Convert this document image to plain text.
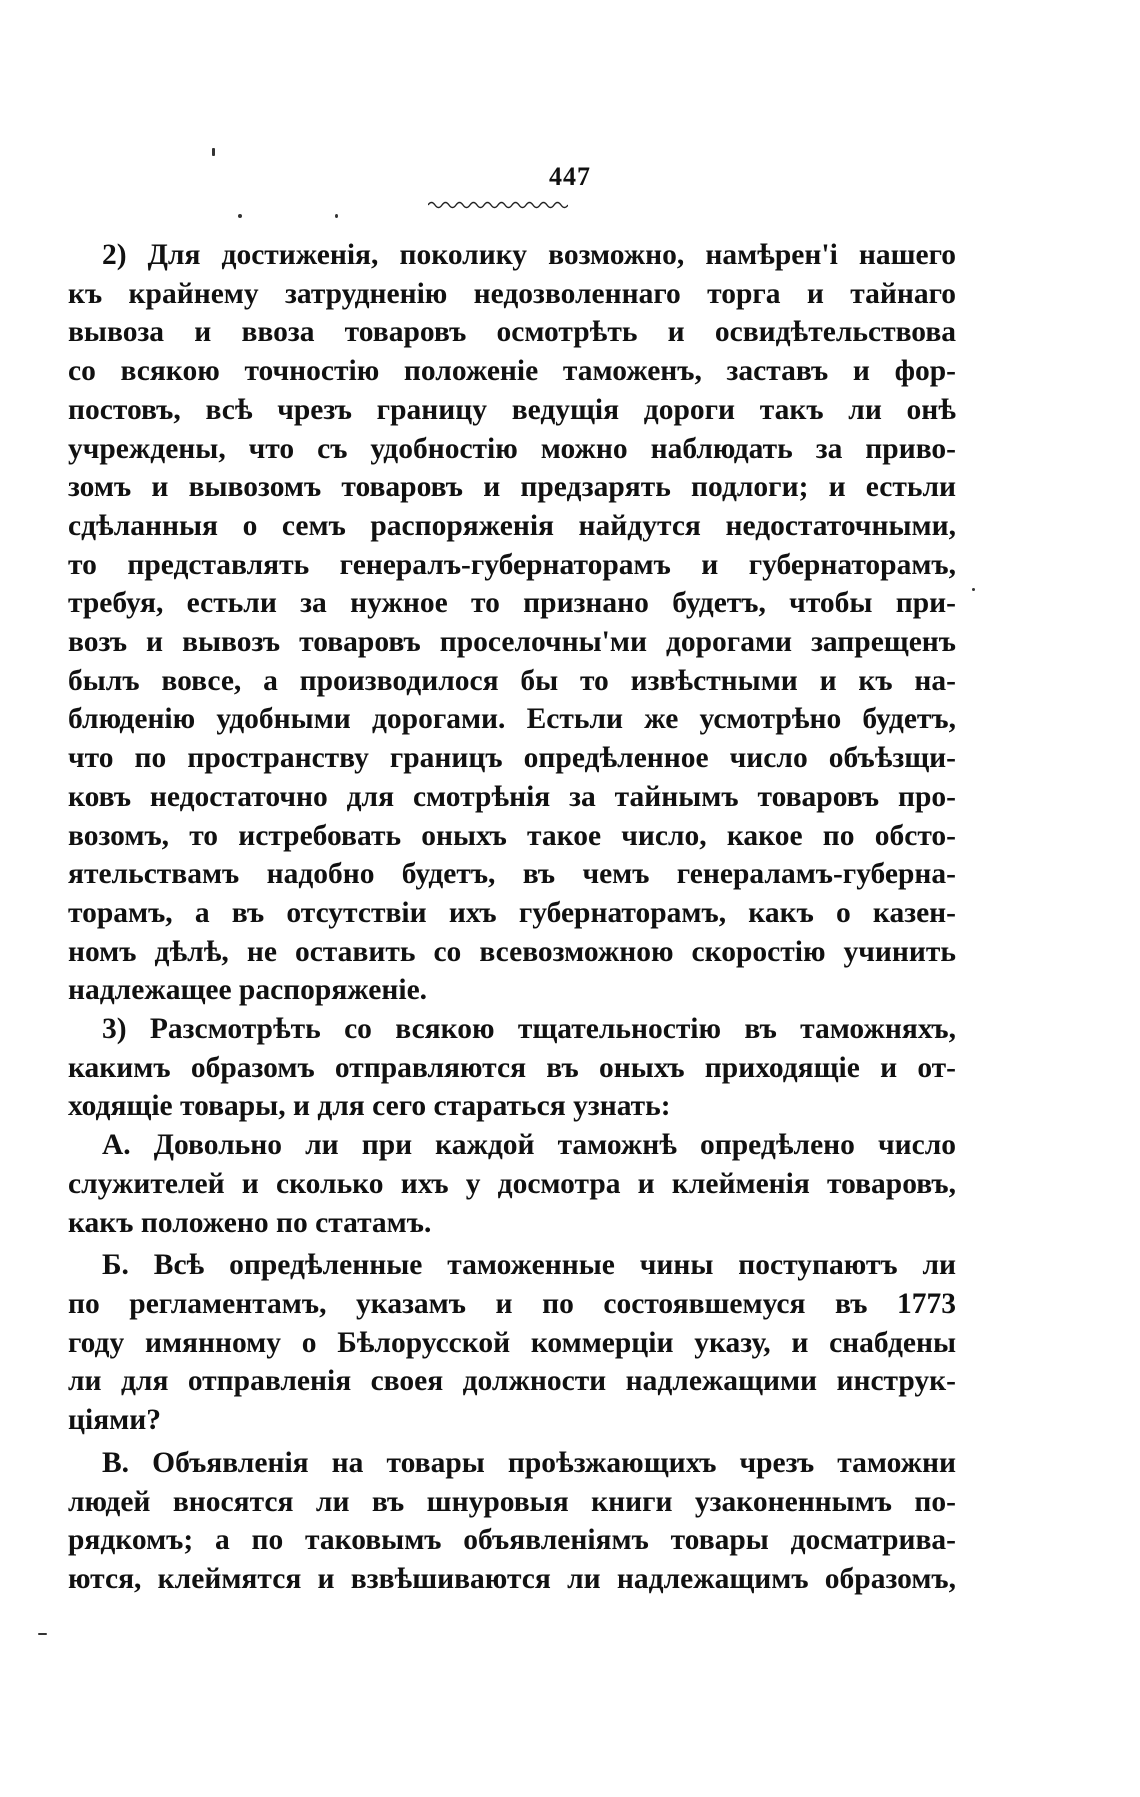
447
2) Для достиженія, поколику возможно, намѣрен'і нашего
къ крайнему затрудненію недозволеннаго торга и тайнаго
вывоза и ввоза товаровъ осмотрѣть и освидѣтельствова
со всякою точностію положеніе таможенъ, заставъ и фор-
постовъ, всѣ чрезъ границу ведущія дороги такъ ли онѣ
учреждены, что съ удобностію можно наблюдать за приво-
зомъ и вывозомъ товаровъ и предзарять подлоги; и естьли
сдѣланныя о семъ распоряженія найдутся недостаточными,
то представлять генералъ-губернаторамъ и губернаторамъ,
требуя, естьли за нужное то признано будетъ, чтобы при-
возъ и вывозъ товаровъ проселочны'ми дорогами запрещенъ
былъ вовсе, а производилося бы то извѣстными и къ на-
блюденію удобными дорогами. Естьли же усмотрѣно будетъ,
что по пространству границъ опредѣленное число объѣзщи-
ковъ недостаточно для смотрѣнія за тайнымъ товаровъ про-
возомъ, то истребовать оныхъ такое число, какое по обсто-
ятельствамъ надобно будетъ, въ чемъ генераламъ-губерна-
торамъ, а въ отсутствіи ихъ губернаторамъ, какъ о казен-
номъ дѣлѣ, не оставить со всевозможною скоростію учинить
надлежащее распоряженіе.
3) Разсмотрѣть со всякою тщательностію въ таможняхъ,
какимъ образомъ отправляются въ оныхъ приходящіе и от-
ходящіе товары, и для сего стараться узнать:
А. Довольно ли при каждой таможнѣ опредѣлено число
служителей и сколько ихъ у досмотра и клейменія товаровъ,
какъ положено по статамъ.
Б. Всѣ опредѣленные таможенные чины поступаютъ ли
по регламентамъ, указамъ и по состоявшемуся въ 1773
году имянному о Бѣлорусской коммерціи указу, и снабдены
ли для отправленія своея должности надлежащими инструк-
ціями?
В. Объявленія на товары проѣзжающихъ чрезъ таможни
людей вносятся ли въ шнуровыя книги узаконеннымъ по-
рядкомъ; а по таковымъ объявленіямъ товары досматрива-
ются, клеймятся и взвѣшиваются ли надлежащимъ образомъ,
